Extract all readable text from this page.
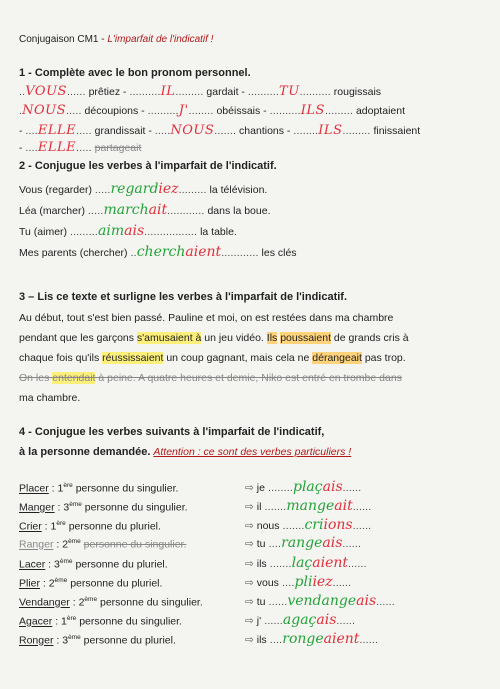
Conjugaison CM1 - L'imparfait de l'indicatif !
1 - Complète avec le bon pronom personnel.
..VOUS...... prêtiez - ..........IL......... gardait - ..........TU.......... rougissais
.NOUS..... découpions - ..........J'........ obéissais - ..........ILS......... adoptaient
- ....ELLE..... grandissait - .....NOUS....... chantions - ........ILS......... finissaient
- ....ELLE..... partageait
2 - Conjugue les verbes à l'imparfait de l'indicatif.
Vous (regarder) .....regardiez......... la télévision.
Léa (marcher) .....marchait............ dans la boue.
Tu (aimer) .........aimais................. la table.
Mes parents (chercher) ..cherchaient............ les clés
3 – Lis ce texte et surligne les verbes à l'imparfait de l'indicatif.
Au début, tout s'est bien passé. Pauline et moi, on est restées dans ma chambre
pendant que les garçons s'amusaient à un jeu vidéo. Ils poussaient de grands cris à
chaque fois qu'ils réussissaient un coup gagnant, mais cela ne dérangeait pas trop.
On les entendait à peine. A quatre heures et demie, Niko est entré en trombe dans
ma chambre.
4 - Conjugue les verbes suivants à l'imparfait de l'indicatif,
à la personne demandée. Attention : ce sont des verbes particuliers !
Placer : 1ère personne du singulier.	⇨ je ........plaçais......
Manger : 3ème personne du singulier.	⇨ il .......mangeait......
Crier : 1ère personne du pluriel.	⇨ nous .......criions......
Ranger : 2ème personne du singulier.	⇨ tu ....rangeais......
Lacer : 3ème personne du pluriel.	⇨ ils .......laçaient......
Plier : 2ème personne du pluriel.	⇨ vous ....pliiez......
Vendanger : 2ème personne du singulier.	⇨ tu ......vendangeais......
Agacer : 1ère personne du singulier.	⇨ j' ......agaçais......
Ronger : 3ème personne du pluriel.	⇨ ils ....rongeaient......
